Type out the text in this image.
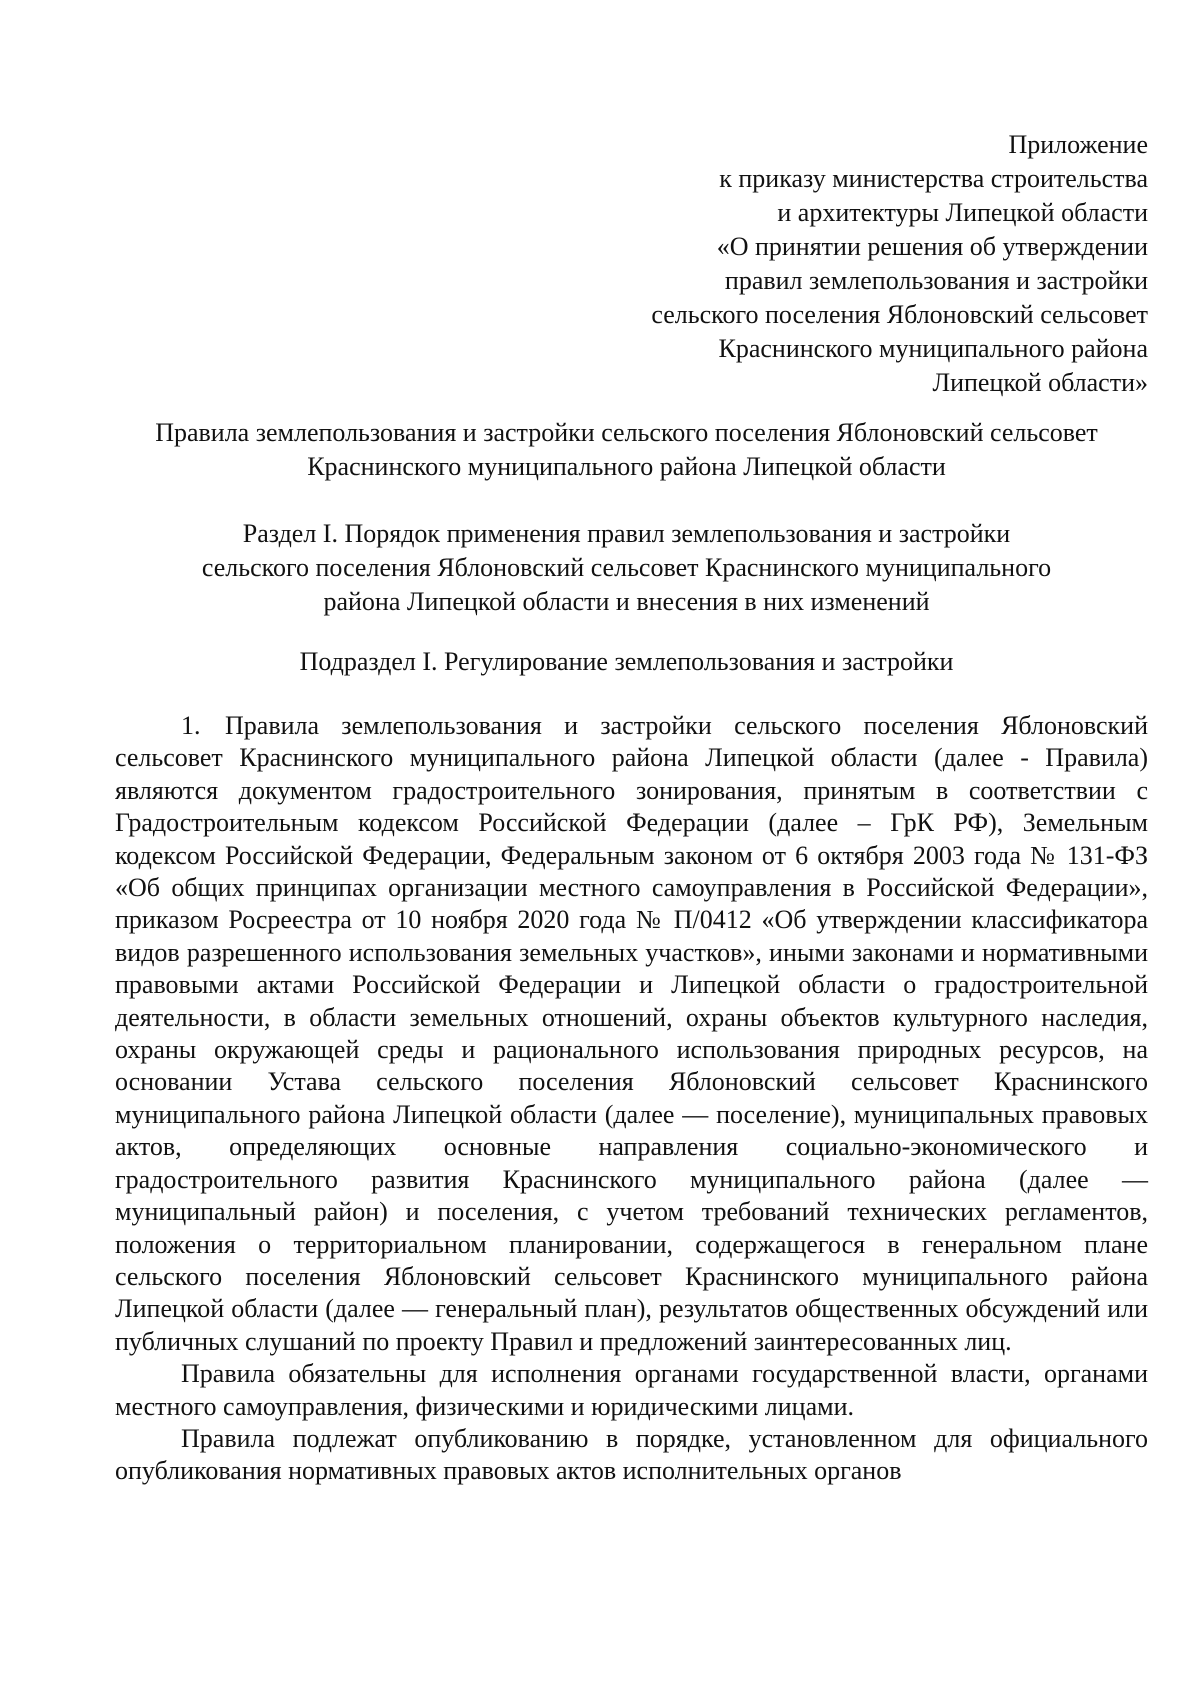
Приложение
к приказу министерства строительства
и архитектуры Липецкой области
«О принятии решения об утверждении
правил землепользования и застройки
сельского поселения Яблоновский сельсовет
Краснинского муниципального района
Липецкой области»
Правила землепользования и застройки сельского поселения Яблоновский сельсовет
Краснинского муниципального района Липецкой области
Раздел I. Порядок применения правил землепользования и застройки
сельского поселения Яблоновский сельсовет Краснинского муниципального
района Липецкой области и внесения в них изменений
Подраздел I. Регулирование землепользования и застройки

1. Правила землепользования и застройки сельского поселения Яблоновский сельсовет Краснинского муниципального района Липецкой области (далее - Правила) являются документом градостроительного зонирования, принятым в соответствии с Градостроительным кодексом Российской Федерации (далее – ГрК РФ), Земельным кодексом Российской Федерации, Федеральным законом от 6 октября 2003 года № 131-ФЗ «Об общих принципах организации местного самоуправления в Российской Федерации», приказом Росреестра от 10 ноября 2020 года № П/0412 «Об утверждении классификатора видов разрешенного использования земельных участков», иными законами и нормативными правовыми актами Российской Федерации и Липецкой области о градостроительной деятельности, в области земельных отношений, охраны объектов культурного наследия, охраны окружающей среды и рационального использования природных ресурсов, на основании Устава сельского поселения Яблоновский сельсовет Краснинского муниципального района Липецкой области (далее — поселение), муниципальных правовых актов, определяющих основные направления социально-экономического и градостроительного развития Краснинского муниципального района (далее — муниципальный район) и поселения, с учетом требований технических регламентов, положения о территориальном планировании, содержащегося в генеральном плане сельского поселения Яблоновский сельсовет Краснинского муниципального района Липецкой области (далее — генеральный план), результатов общественных обсуждений или публичных слушаний по проекту Правил и предложений заинтересованных лиц.

Правила обязательны для исполнения органами государственной власти, органами местного самоуправления, физическими и юридическими лицами.

Правила подлежат опубликованию в порядке, установленном для официального опубликования нормативных правовых актов исполнительных органов
